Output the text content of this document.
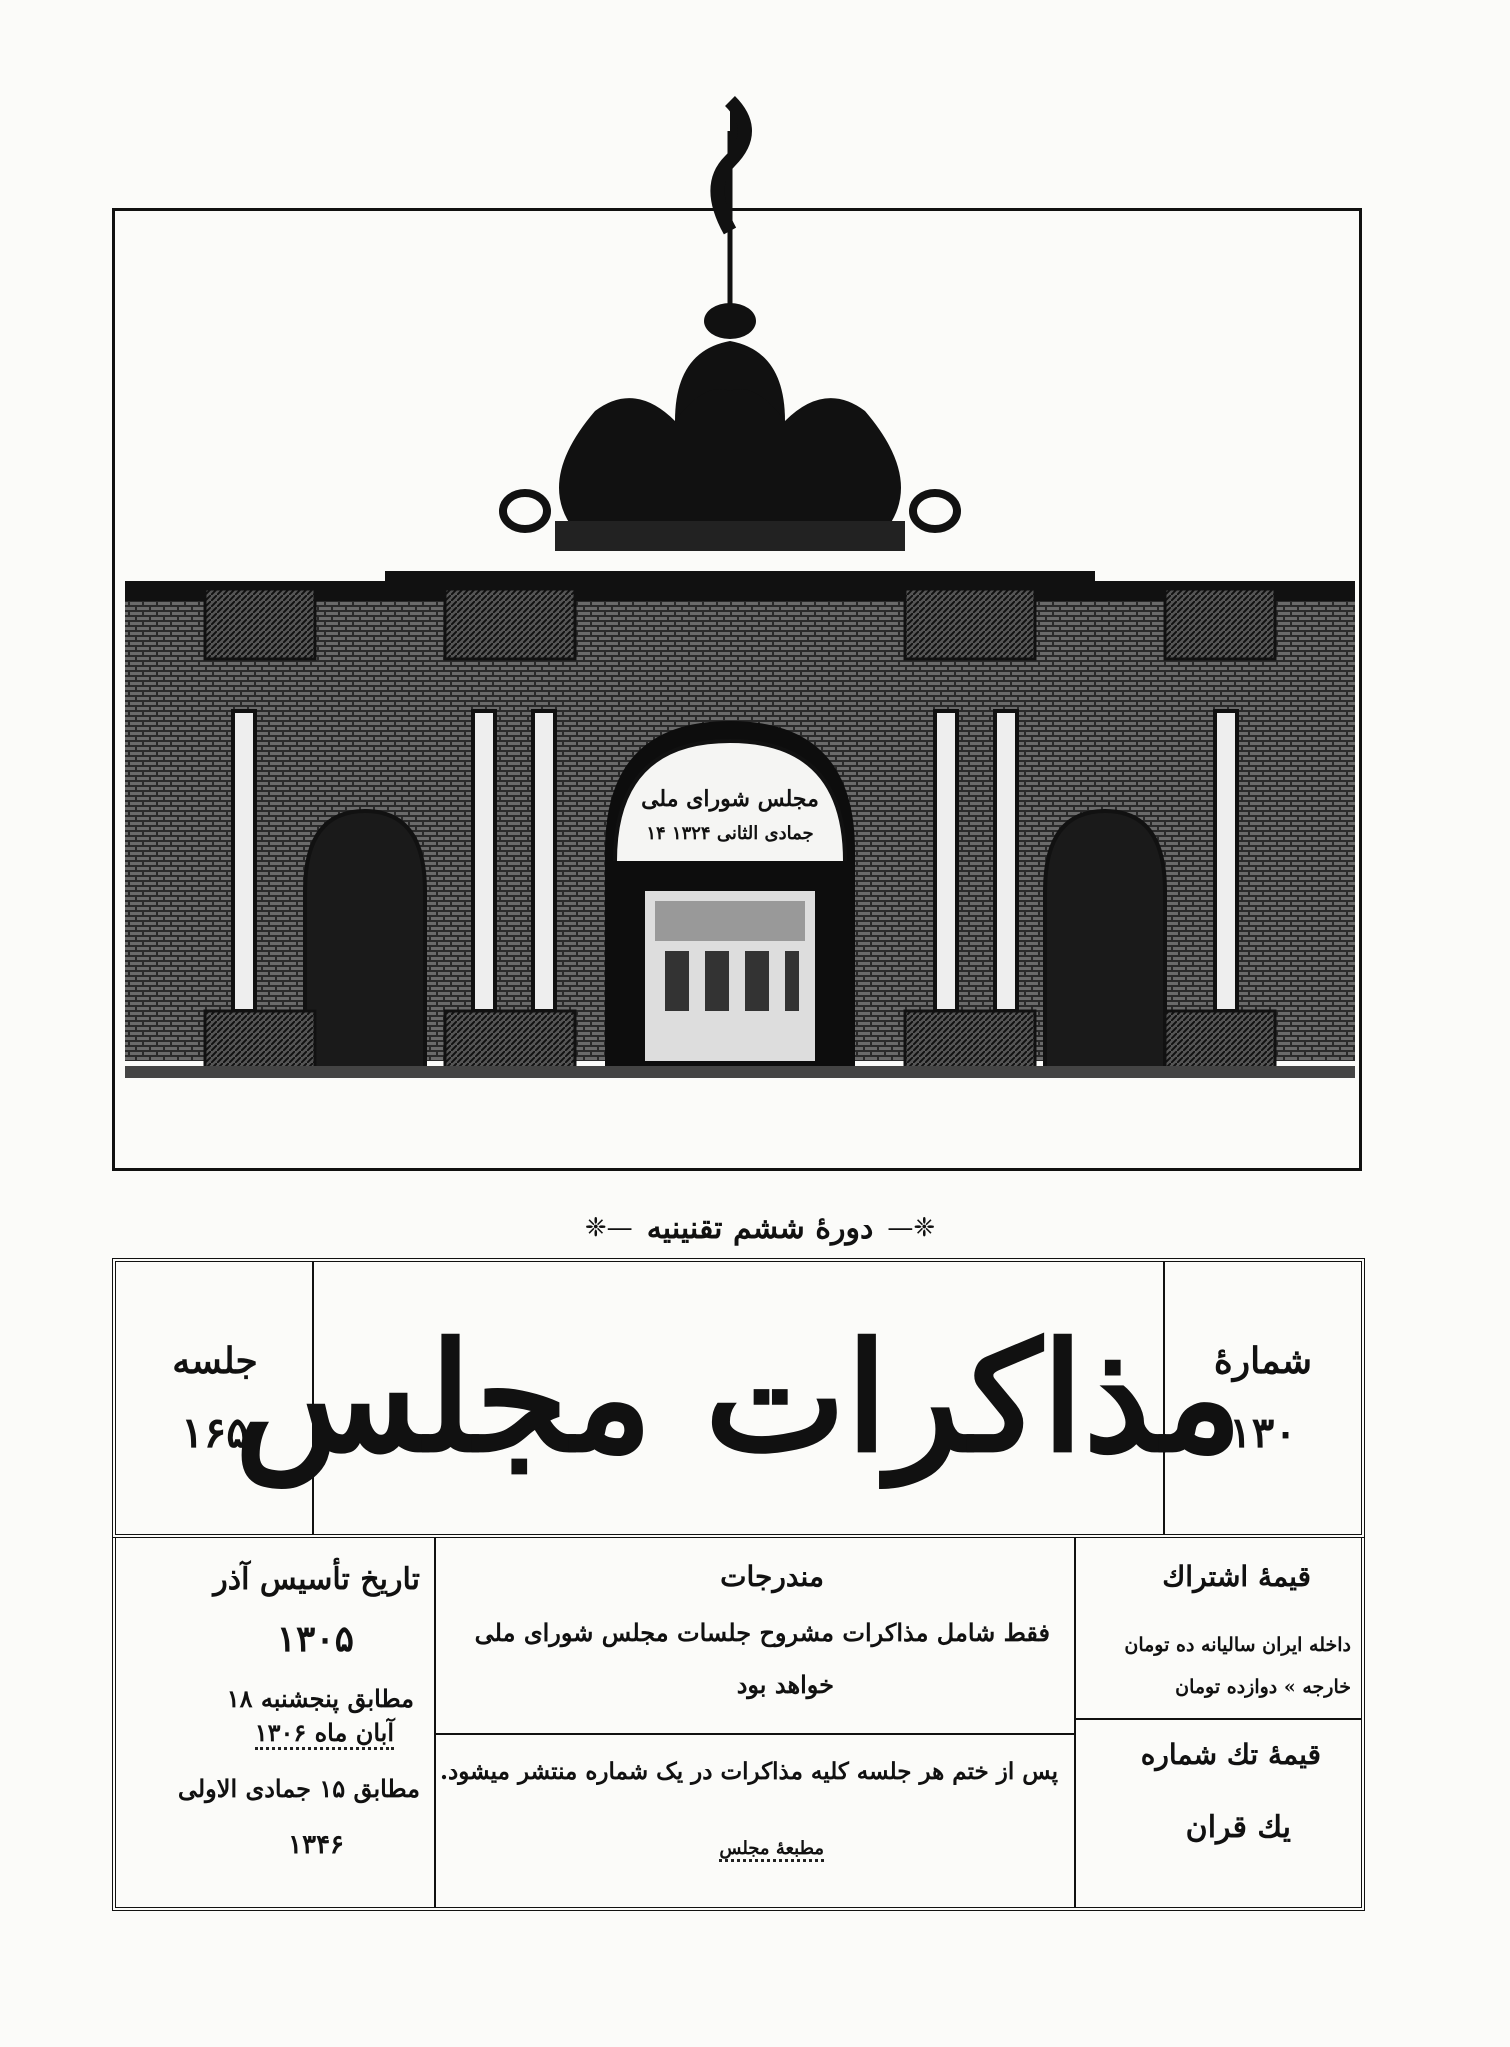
مجلس شورای ملی
۱۴ جمادی الثانی ۱۳۲۴
❈—
دورهٔ ششم تقنینیه
—❈
جلسه
۱۶۵
مذاکرات مجلس
شمارهٔ
۱۳۰
تاریخ تأسیس آذر
۱۳۰۵
مطابق پنجشنبه ۱۸
آبان ماه ۱۳۰۶
مطابق ۱۵ جمادی الاولی
۱۳۴۶
مندرجات
فقط شامل مذاکرات مشروح جلسات مجلس شورای ملی
خواهد بود
پس از ختم هر جلسه کلیه مذاکرات در یک شماره منتشر میشود.
مطبعهٔ مجلس
قیمهٔ اشتراك
داخله ایران سالیانه ده تومان
خارجه » دوازده تومان
قیمهٔ تك شماره
یك قران
